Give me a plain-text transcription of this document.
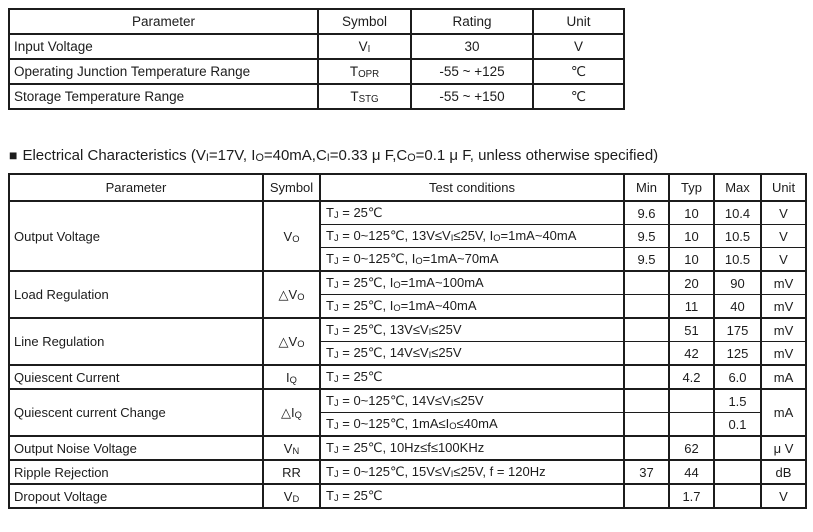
Parameter	Symbol	Rating	Unit
Input Voltage	$V_I$	30	V
Operating Junction Temperature Range	$T_{OPR}$	-55 ~ +125	℃
Storage Temperature Range	$T_{STG}$	-55 ~ +150	℃
■ Electrical Characteristics ($V_I=17V$, $I_O=40mA,C_I=0.33$ μ $F,C_O=0.1$ μ F, unless otherwise specified)
Parameter	Symbol	Test conditions	Min	Typ	Max	Unit
Output Voltage	$V_O$	$T_J$ = 25℃	9.6	10	10.4	V
		$T_J$ = 0~125℃, $13V\le V_I\le 25V$, $I_O=1mA\sim 40mA$	9.5	10	10.5	V
		$T_J$ = 0~125℃, $I_O=1mA\sim 70mA$	9.5	10	10.5	V
Load Regulation	$\triangle V_O$	$T_J$ = 25℃, $I_O=1mA\sim 100mA$		20	90	mV
		$T_J$ = 25℃, $I_O=1mA\sim 40mA$		11	40	mV
Line Regulation	$\triangle V_O$	$T_J$ = 25℃, $13V\le V_I\le 25V$		51	175	mV
		$T_J$ = 25℃, $14V\le V_I\le 25V$		42	125	mV
Quiescent Current	$I_Q$	$T_J$ = 25℃		4.2	6.0	mA
Quiescent current Change	$\triangle I_Q$	$T_J$ = 0~125℃, $14V\le V_I\le 25V$			1.5	mA
		$T_J$ = 0~125℃, $1mA\le I_O\le 40mA$			0.1	
Output Noise Voltage	$V_N$	$T_J$ = 25℃, 10Hz≤f≤100KHz		62		μ V
Ripple Rejection	RR	$T_J$ = 0~125℃, $15V\le V_I\le 25V$, f = 120Hz	37	44		dB
Dropout Voltage	$V_D$	$T_J$ = 25℃		1.7		V
